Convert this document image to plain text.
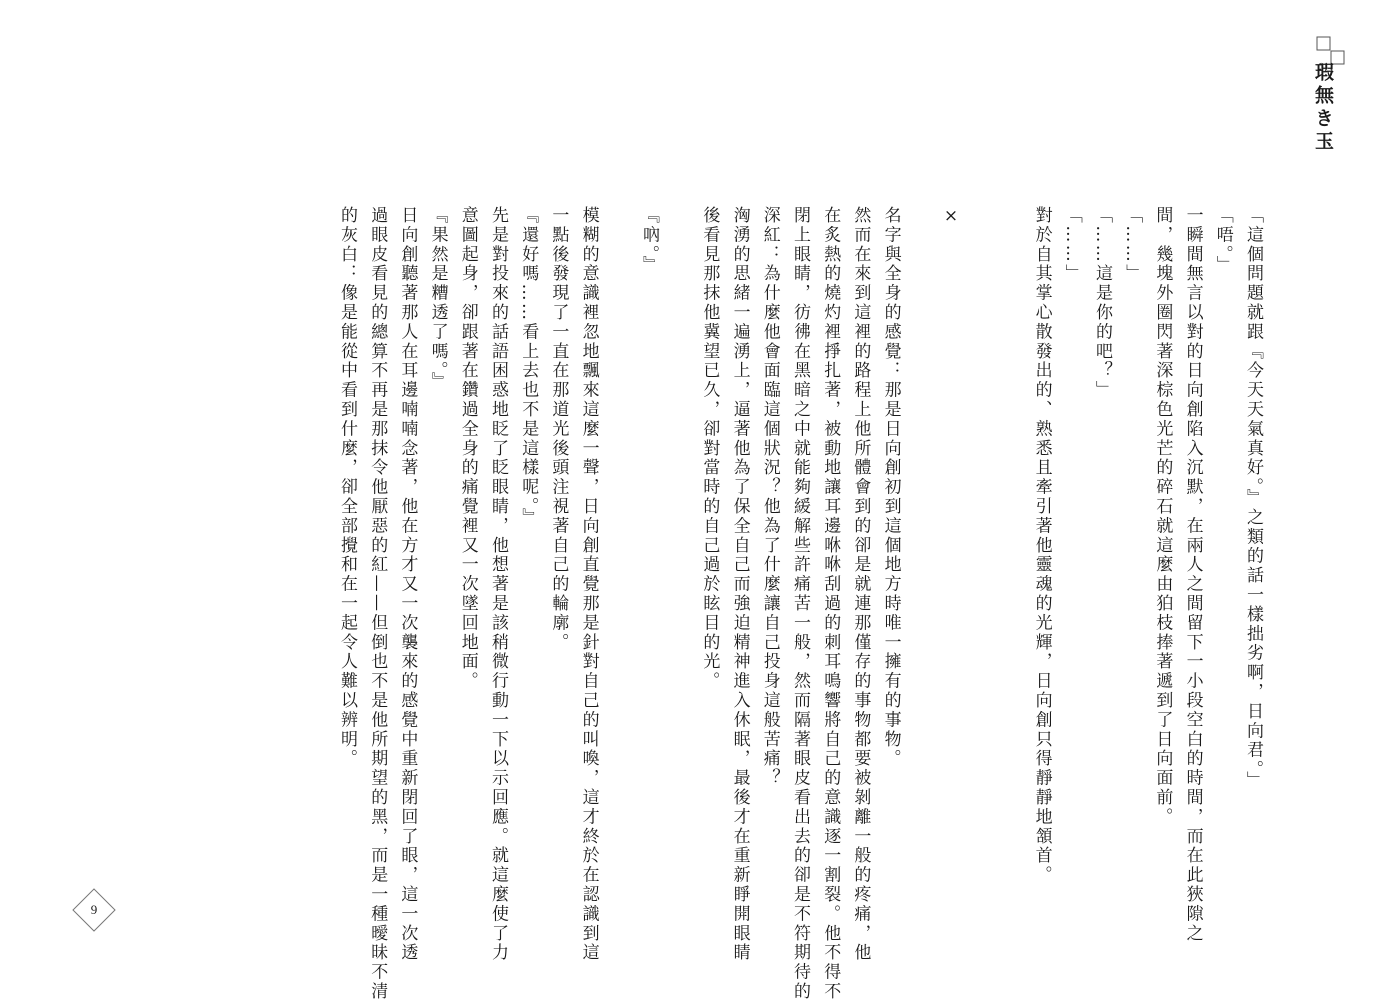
瑕無き玉
「這個問題就跟『今天天氣真好。』之類的話一樣拙劣啊，日向君。」
「唔。」
一瞬間無言以對的日向創陷入沉默，在兩人之間留下一小段空白的時間，而在此狹隙之
間，幾塊外圈閃著深棕色光芒的碎石就這麼由狛枝捧著遞到了日向面前。
「……」
「……這是你的吧？」
「……」
對於自其掌心散發出的、熟悉且牽引著他靈魂的光輝，日向創只得靜靜地頷首。
×
名字與全身的感覺：那是日向創初到這個地方時唯一擁有的事物。
然而在來到這裡的路程上他所體會到的卻是就連那僅存的事物都要被剝離一般的疼痛，他
在炙熱的燒灼裡掙扎著，被動地讓耳邊咻咻刮過的刺耳鳴響將自己的意識逐一割裂。他不得不
閉上眼睛，彷彿在黑暗之中就能夠緩解些許痛苦一般，然而隔著眼皮看出去的卻是不符期待的
深紅：為什麼他會面臨這個狀況？他為了什麼讓自己投身這般苦痛？
洶湧的思緒一遍湧上，逼著他為了保全自己而強迫精神進入休眠，最後才在重新睜開眼睛
後看見那抹他冀望已久，卻對當時的自己過於眩目的光。
『吶。』
模糊的意識裡忽地飄來這麼一聲，日向創直覺那是針對自己的叫喚，這才終於在認識到這
一點後發現了一直在那道光後頭注視著自己的輪廓。
『還好嗎……看上去也不是這樣呢。』
先是對投來的話語困惑地眨了眨眼睛，他想著是該稍微行動一下以示回應。就這麼使了力
意圖起身，卻跟著在鑽過全身的痛覺裡又一次墜回地面。
『果然是糟透了嗎。』
日向創聽著那人在耳邊喃喃念著，他在方才又一次襲來的感覺中重新閉回了眼，這一次透
過眼皮看見的總算不再是那抹令他厭惡的紅——但倒也不是他所期望的黑，而是一種曖昧不清
的灰白：像是能從中看到什麼，卻全部攪和在一起令人難以辨明。
9
